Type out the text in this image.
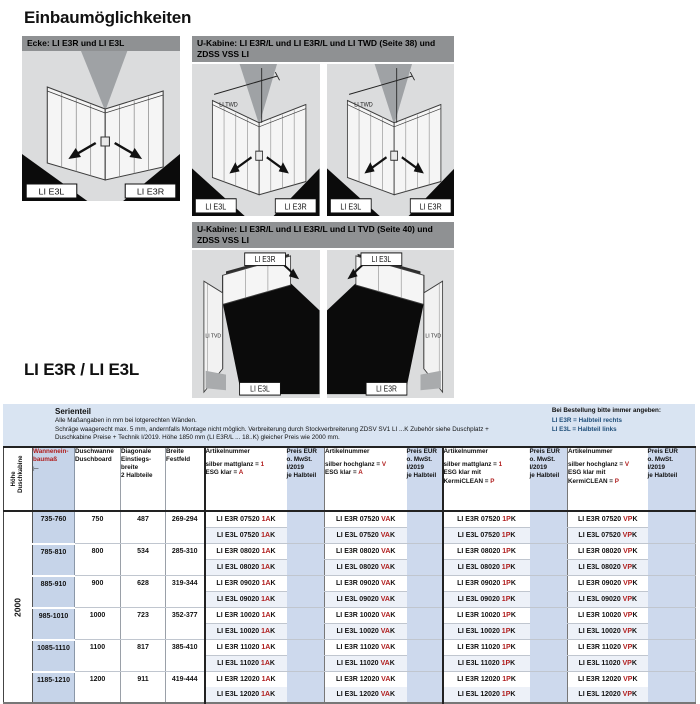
Einbaumöglichkeiten
Ecke: LI E3R und LI E3L
LI E3L	LI E3R
U-Kabine: LI E3R/L und LI E3R/L und LI TWD (Seite 38) und ZDSS VSS LI
LI TWD
LI E3L	LI E3R
LI TWD
LI E3L	LI E3R
U-Kabine: LI E3R/L und LI E3R/L und LI TVD (Seite 40) und ZDSS VSS LI
LI E3R
LI TVD
LI E3L
LI E3L
LI TVD
LI E3R
LI E3R / LI E3L
Serienteil
Alle Maßangaben in mm bei lotgerechten Wänden.
Schräge waagerecht max. 5 mm, andernfalls Montage nicht möglich. Verbreiterung durch Stockverbreiterung ZDSV SV1 LI ...K Zubehör siehe Duschplatz +
Duschkabine Preise + Technik I/2019. Höhe 1850 mm (LI E3R/L ... 18..K) gleicher Preis wie 2000 mm.
Bei Bestellung bitte immer angeben:
LI E3R = Halbteil rechts
LI E3L = Halbteil links
Höhe Duschkabine

Wannenein-
baumaß
⊢

Duschwanne
Duschboard

Diagonale
Einstiegs-
breite
2 Halbteile

Breite
Festfeld

Artikelnummer
silber mattglanz = 1
ESG klar = A

Preis EUR
o. MwSt.
I/2019
je Halbteil

Artikelnummer
silber hochglanz = V
ESG klar = A

Preis EUR
o. MwSt.
I/2019
je Halbteil

Artikelnummer
silber mattglanz = 1
ESG klar mit
KermiCLEAN = P

Preis EUR
o. MwSt.
I/2019
je Halbteil

Artikelnummer
silber hochglanz = V
ESG klar mit
KermiCLEAN = P

Preis EUR
o. MwSt.
I/2019
je Halbteil

2000	735-760	750	487	269-294	LI E3R 07520 1AK		LI E3R 07520 VAK		LI E3R 07520 1PK		LI E3R 07520 VPK	
					LI E3L 07520 1AK		LI E3L 07520 VAK		LI E3L 07520 1PK		LI E3L 07520 VPK	
	785-810	800	534	285-310	LI E3R 08020 1AK		LI E3R 08020 VAK		LI E3R 08020 1PK		LI E3R 08020 VPK	
					LI E3L 08020 1AK		LI E3L 08020 VAK		LI E3L 08020 1PK		LI E3L 08020 VPK	
	885-910	900	628	319-344	LI E3R 09020 1AK		LI E3R 09020 VAK		LI E3R 09020 1PK		LI E3R 09020 VPK	
					LI E3L 09020 1AK		LI E3L 09020 VAK		LI E3L 09020 1PK		LI E3L 09020 VPK	
	985-1010	1000	723	352-377	LI E3R 10020 1AK		LI E3R 10020 VAK		LI E3R 10020 1PK		LI E3R 10020 VPK	
					LI E3L 10020 1AK		LI E3L 10020 VAK		LI E3L 10020 1PK		LI E3L 10020 VPK	
	1085-1110	1100	817	385-410	LI E3R 11020 1AK		LI E3R 11020 VAK		LI E3R 11020 1PK		LI E3R 11020 VPK	
					LI E3L 11020 1AK		LI E3L 11020 VAK		LI E3L 11020 1PK		LI E3L 11020 VPK	
	1185-1210	1200	911	419-444	LI E3R 12020 1AK		LI E3R 12020 VAK		LI E3R 12020 1PK		LI E3R 12020 VPK	
					LI E3L 12020 1AK		LI E3L 12020 VAK		LI E3L 12020 1PK		LI E3L 12020 VPK	
